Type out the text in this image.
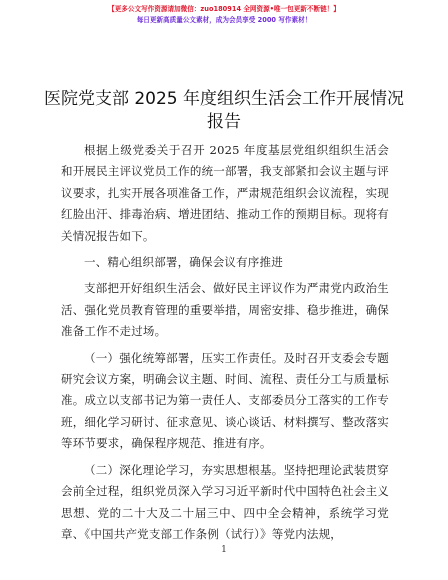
【更多公文写作资源请加微信：zuo180914 全网资源•唯一包更新不断链！】
每日更新高质量公文素材，成为会员享受 2000 写作素材！
医院党支部 2025 年度组织生活会工作开展情况
报告

根据上级党委关于召开 2025 年度基层党组织组织生活会和开展民主评议党员工作的统一部署，我支部紧扣会议主题与评议要求，扎实开展各项准备工作，严肃规范组织会议流程，实现红脸出汗、排毒治病、增进团结、推动工作的预期目标。现将有关情况报告如下。

一、精心组织部署，确保会议有序推进

支部把开好组织生活会、做好民主评议作为严肃党内政治生活、强化党员教育管理的重要举措，周密安排、稳步推进，确保准备工作不走过场。

（一）强化统筹部署，压实工作责任。及时召开支委会专题研究会议方案，明确会议主题、时间、流程、责任分工与质量标准。成立以支部书记为第一责任人、支部委员分工落实的工作专班，细化学习研讨、征求意见、谈心谈话、材料撰写、整改落实等环节要求，确保程序规范、推进有序。

（二）深化理论学习，夯实思想根基。坚持把理论武装贯穿会前全过程，组织党员深入学习习近平新时代中国特色社会主义思想、党的二十大及二十届三中、四中全会精神，系统学习党章、《中国共产党支部工作条例（试行）》等党内法规，

1
